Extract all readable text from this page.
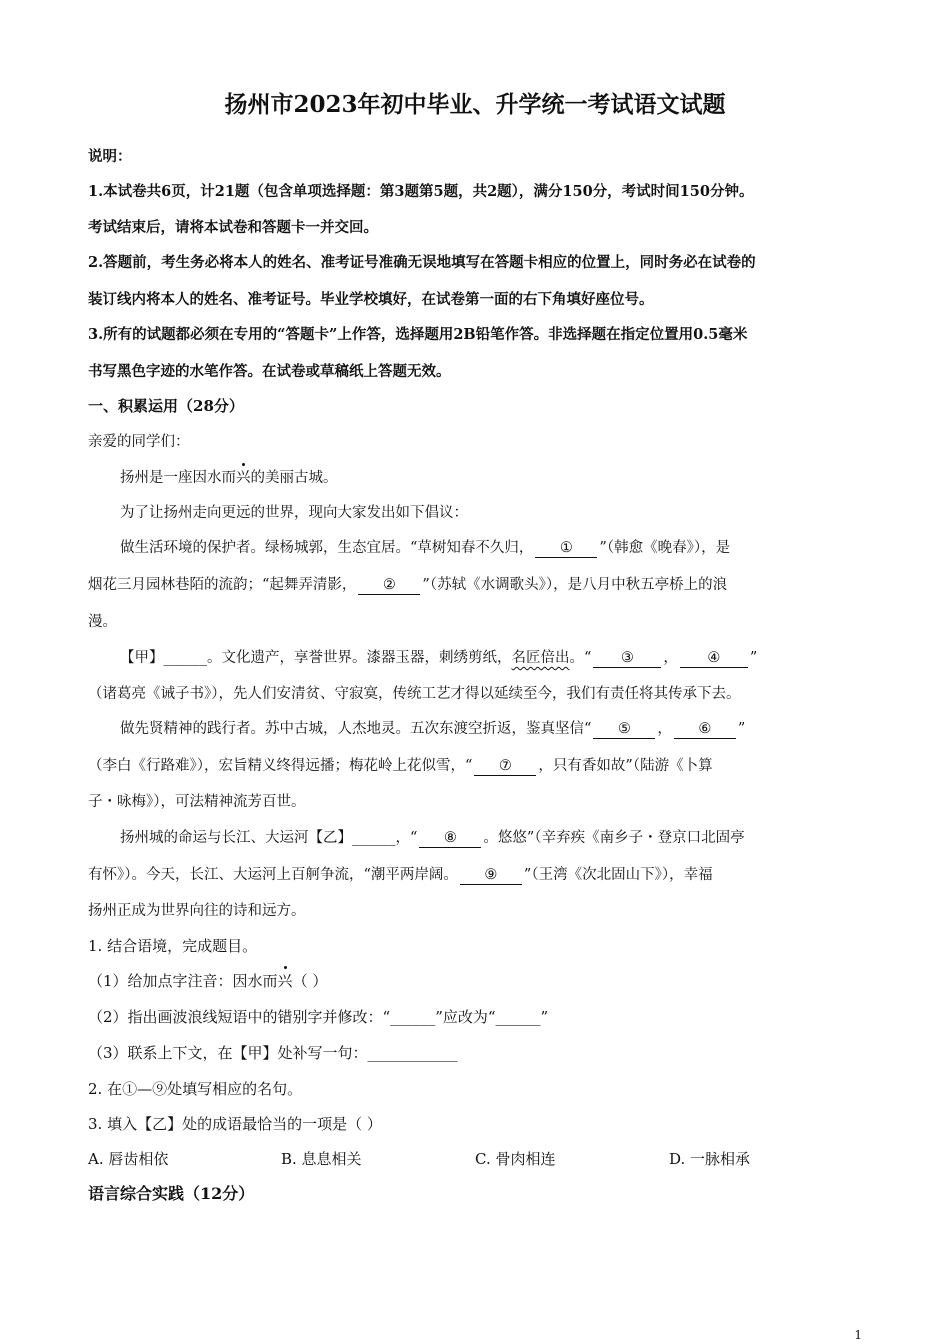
扬州市2023年初中毕业、升学统一考试语文试题
说明：
1.本试卷共6页，计21题（包含单项选择题：第3题第5题，共2题），满分150分，考试时间150分钟。
考试结束后，请将本试卷和答题卡一并交回。
2.答题前，考生务必将本人的姓名、准考证号准确无误地填写在答题卡相应的位置上，同时务必在试卷的
装订线内将本人的姓名、准考证号。毕业学校填好，在试卷第一面的右下角填好座位号。
3.所有的试题都必须在专用的“答题卡”上作答，选择题用2B铅笔作答。非选择题在指定位置用0.5毫米
书写黑色字迹的水笔作答。在试卷或草稿纸上答题无效。
一、积累运用（28分）
亲爱的同学们：
扬州是一座因水而兴的美丽古城。
为了让扬州走向更远的世界，现向大家发出如下倡议：
做生活环境的保护者。绿杨城郭，生态宜居。“草树知春不久归， ① ”（韩愈《晚春》），是
烟花三月园林巷陌的流韵；“起舞弄清影， ② ”（苏轼《水调歌头》），是八月中秋五亭桥上的浪
漫。
【甲】______。文化遗产，享誉世界。漆器玉器，刺绣剪纸，名匠倍出。“ ③ ， ④ ”
（诸葛亮《诫子书》），先人们安清贫、守寂寞，传统工艺才得以延续至今，我们有责任将其传承下去。
做先贤精神的践行者。苏中古城，人杰地灵。五次东渡空折返，鉴真坚信“ ⑤ ， ⑥ ”
（李白《行路难》），宏旨精义终得远播；梅花岭上花似雪，“ ⑦ ，只有香如故”（陆游《卜算
子・咏梅》），可法精神流芳百世。
扬州城的命运与长江、大运河【乙】______，“ ⑧ 。悠悠”（辛弃疾《南乡子・登京口北固亭
有怀》）。今天，长江、大运河上百舸争流，“潮平两岸阔。 ⑨ ”（王湾《次北固山下》），幸福
扬州正成为世界向往的诗和远方。
1. 结合语境，完成题目。
（1）给加点字注音：因水而兴（ ）
（2）指出画波浪线短语中的错别字并修改：“______”应改为“______”
（3）联系上下文，在【甲】处补写一句：____________
2. 在①—⑨处填写相应的名句。
3. 填入【乙】处的成语最恰当的一项是（ ）
A. 唇齿相依	B. 息息相关	C. 骨肉相连	D. 一脉相承
语言综合实践（12分）
1
